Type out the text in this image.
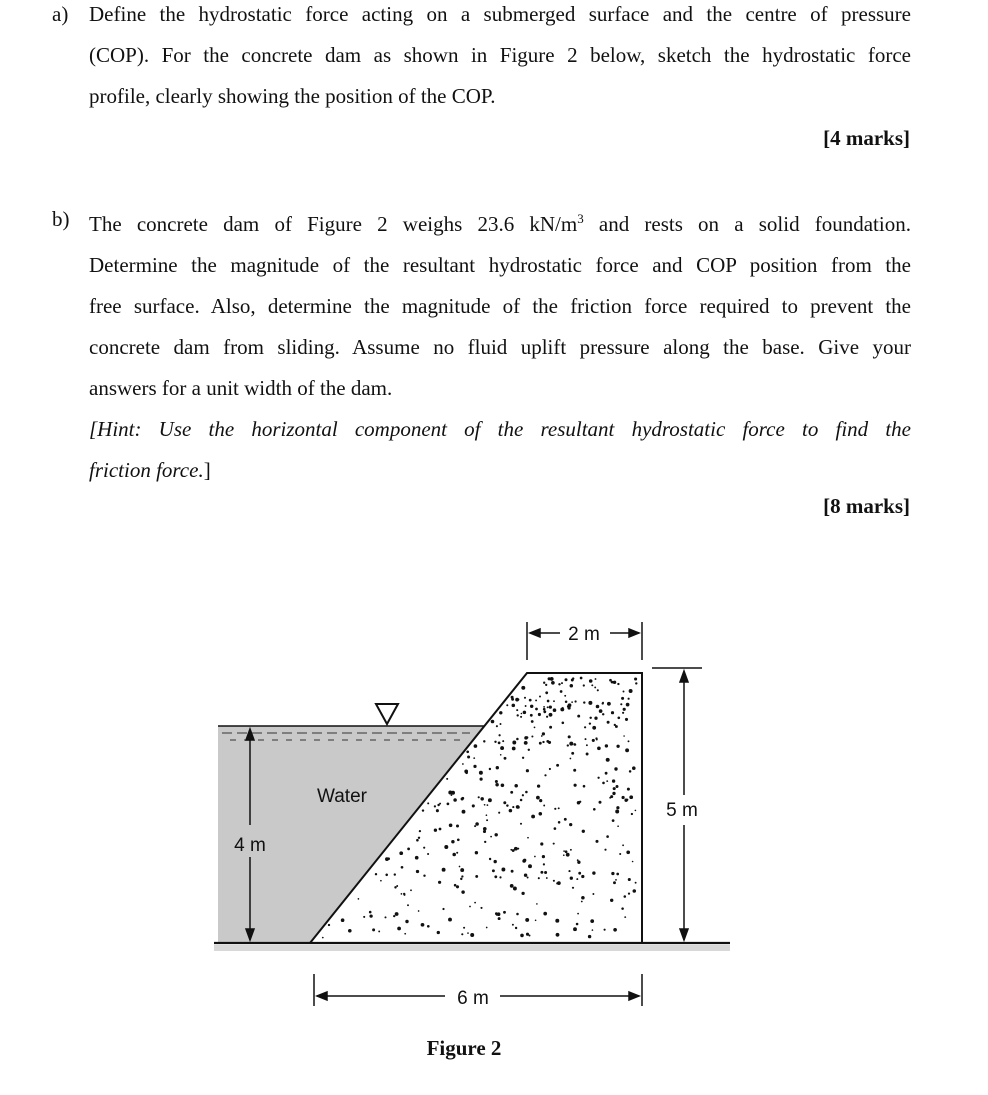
a) Define the hydrostatic force acting on a submerged surface and the centre of pressure
(COP). For the concrete dam as shown in Figure 2 below, sketch the hydrostatic force
profile, clearly showing the position of the COP.
[4 marks]
b) The concrete dam of Figure 2 weighs 23.6 $kN/m^3$ and rests on a solid foundation.
Determine the magnitude of the resultant hydrostatic force and COP position from the
free surface. Also, determine the magnitude of the friction force required to prevent the
concrete dam from sliding. Assume no fluid uplift pressure along the base. Give your
answers for a unit width of the dam.
[Hint: Use the horizontal component of the resultant hydrostatic force to find the
friction force.]
[8 marks]
2 m
5 m
4 m
Water
6 m
Figure 2
